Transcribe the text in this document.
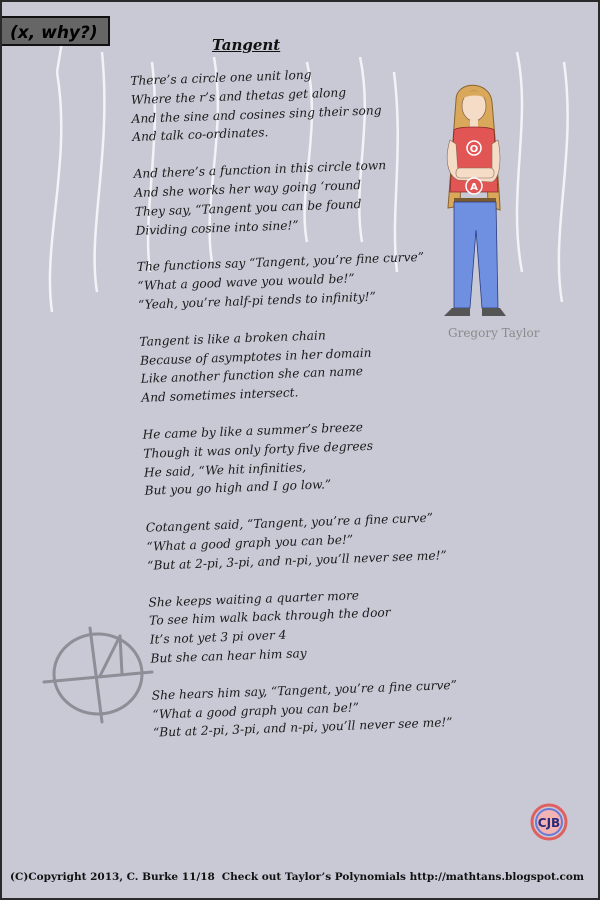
(x, why?)
Tangent
There’s a circle one unit long
Where the r’s and thetas get along
And the sine and cosines sing their song
And talk co-ordinates.
And there’s a function in this circle town
And she works her way going ‘round
They say, “Tangent you can be found
Dividing cosine into sine!”
The functions say “Tangent, you’re fine curve”
“What a good wave you would be!”
“Yeah, you’re half-pi tends to infinity!”
Tangent is like a broken chain
Because of asymptotes in her domain
Like another function she can name
And sometimes intersect.
He came by like a summer’s breeze
Though it was only forty five degrees
He said, “We hit infinities,
But you go high and I go low.”
Cotangent said, “Tangent, you’re a fine curve”
“What a good graph you can be!”
“But at 2-pi, 3-pi, and n-pi, you’ll never see me!”
She keeps waiting a quarter more
To see him walk back through the door
It’s not yet 3 pi over 4
But she can hear him say
She hears him say, “Tangent, you’re a fine curve”
“What a good graph you can be!”
“But at 2-pi, 3-pi, and n-pi, you’ll never see me!”
O
A
Gregory Taylor
CJB
(C)Copyright 2013, C. Burke 11/18 Check out Taylor’s Polynomials http://mathtans.blogspot.com
